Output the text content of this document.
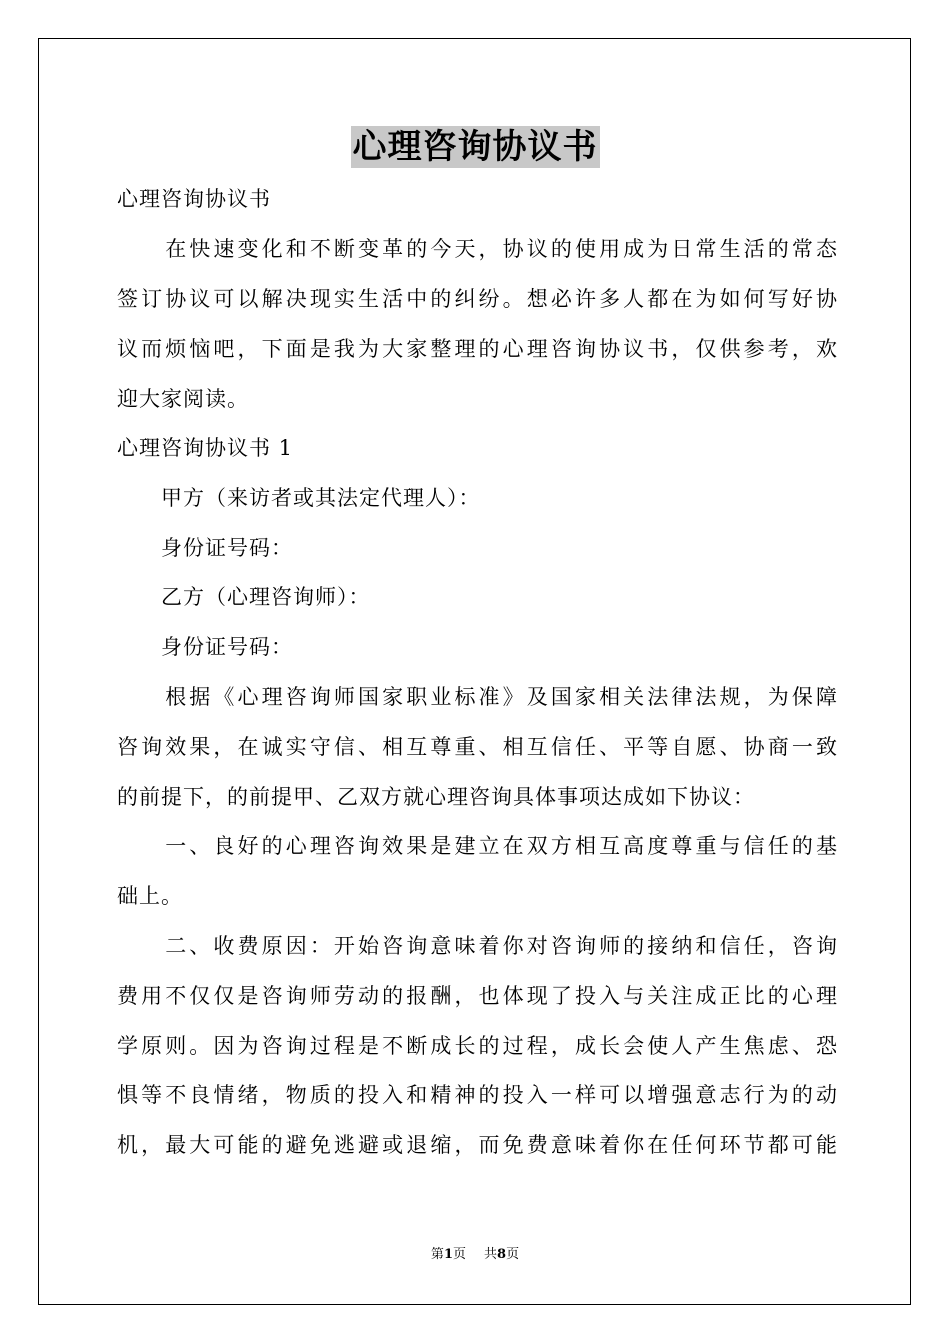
心理咨询协议书
心理咨询协议书
　　在快速变化和不断变革的今天，协议的使用成为日常生活的常态
签订协议可以解决现实生活中的纠纷。想必许多人都在为如何写好协
议而烦恼吧，下面是我为大家整理的心理咨询协议书，仅供参考，欢
迎大家阅读。
心理咨询协议书 1
　　甲方（来访者或其法定代理人）：
　　身份证号码：
　　乙方（心理咨询师）：
　　身份证号码：
　　根据《心理咨询师国家职业标准》及国家相关法律法规，为保障
咨询效果，在诚实守信、相互尊重、相互信任、平等自愿、协商一致
的前提下，的前提甲、乙双方就心理咨询具体事项达成如下协议：
　　一、良好的心理咨询效果是建立在双方相互高度尊重与信任的基
础上。
　　二、收费原因：开始咨询意味着你对咨询师的接纳和信任，咨询
费用不仅仅是咨询师劳动的报酬，也体现了投入与关注成正比的心理
学原则。因为咨询过程是不断成长的过程，成长会使人产生焦虑、恐
惧等不良情绪，物质的投入和精神的投入一样可以增强意志行为的动
机，最大可能的避免逃避或退缩，而免费意味着你在任何环节都可能
第1页 共8页
